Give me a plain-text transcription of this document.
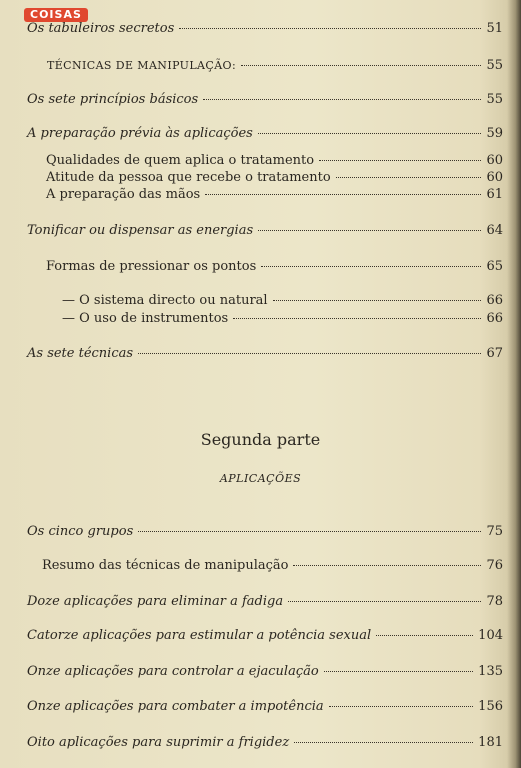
COISAS
Os tabuleiros secretos	51
TÉCNICAS DE MANIPULAÇÃO:	55
Os sete princípios básicos	55
A preparação prévia às aplicações	59
Qualidades de quem aplica o tratamento	60
Atitude da pessoa que recebe o tratamento	60
A preparação das mãos	61
Tonificar ou dispensar as energias	64
Formas de pressionar os pontos	65
— O sistema directo ou natural	66
— O uso de instrumentos	66
As sete técnicas	67
Segunda parte
APLICAÇÕES
Os cinco grupos	75
Resumo das técnicas de manipulação	76
Doze aplicações para eliminar a fadiga	78
Catorze aplicações para estimular a potência sexual	104
Onze aplicações para controlar a ejaculação	135
Onze aplicações para combater a impotência	156
Oito aplicações para suprimir a frigidez	181
